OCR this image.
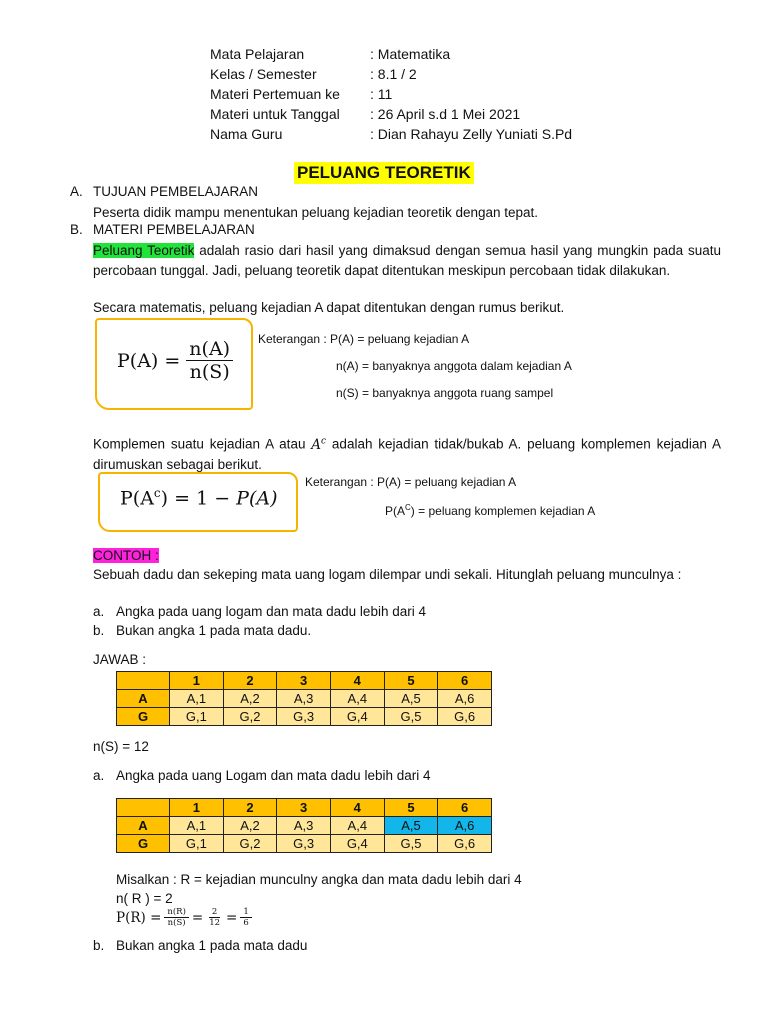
Mata Pelajaran	: Matematika
Kelas / Semester	: 8.1 / 2
Materi Pertemuan ke : 11
Materi untuk Tanggal : 26 April s.d 1 Mei 2021
Nama Guru	: Dian Rahayu Zelly Yuniati S.Pd
PELUANG TEORETIK
A. TUJUAN PEMBELAJARAN
Peserta didik mampu menentukan peluang kejadian teoretik dengan tepat.
B. MATERI PEMBELAJARAN
Peluang Teoretik adalah rasio dari hasil yang dimaksud dengan semua hasil yang mungkin pada suatu percobaan tunggal. Jadi, peluang teoretik dapat ditentukan meskipun percobaan tidak dilakukan.
Secara matematis, peluang kejadian A dapat ditentukan dengan rumus berikut.
$P(A) = \frac{n(A)}{n(S)}$ Keterangan : P(A) = peluang kejadian A
n(A) = banyaknya anggota dalam kejadian A
n(S) = banyaknya anggota ruang sampel
Komplemen suatu kejadian A atau $A^c$ adalah kejadian tidak/bukab A. peluang komplemen kejadian A dirumuskan sebagai berikut.
$P(A^c) = 1 - P(A)$
Keterangan : P(A) = peluang kejadian A
$P(A^C)$ = peluang komplemen kejadian A
CONTOH :
Sebuah dadu dan sekeping mata uang logam dilempar undi sekali. Hitunglah peluang munculnya :
a. Angka pada uang logam dan mata dadu lebih dari 4
b. Bukan angka 1 pada mata dadu.
JAWAB :
	1	2	3	4	5	6
A	A,1	A,2	A,3	A,4	A,5	A,6
G	G,1	G,2	G,3	G,4	G,5	G,6
n(S) = 12
a. Angka pada uang Logam dan mata dadu lebih dari 4
	1	2	3	4	5	6
A	A,1	A,2	A,3	A,4	A,5	A,6
G	G,1	G,2	G,3	G,4	G,5	G,6
Misalkan : R = kejadian munculny angka dan mata dadu lebih dari 4
n( R ) = 2
$P(R) = \frac{n(R)}{n(S)} = \frac{2}{12} = \frac{1}{6}$
b. Bukan angka 1 pada mata dadu
